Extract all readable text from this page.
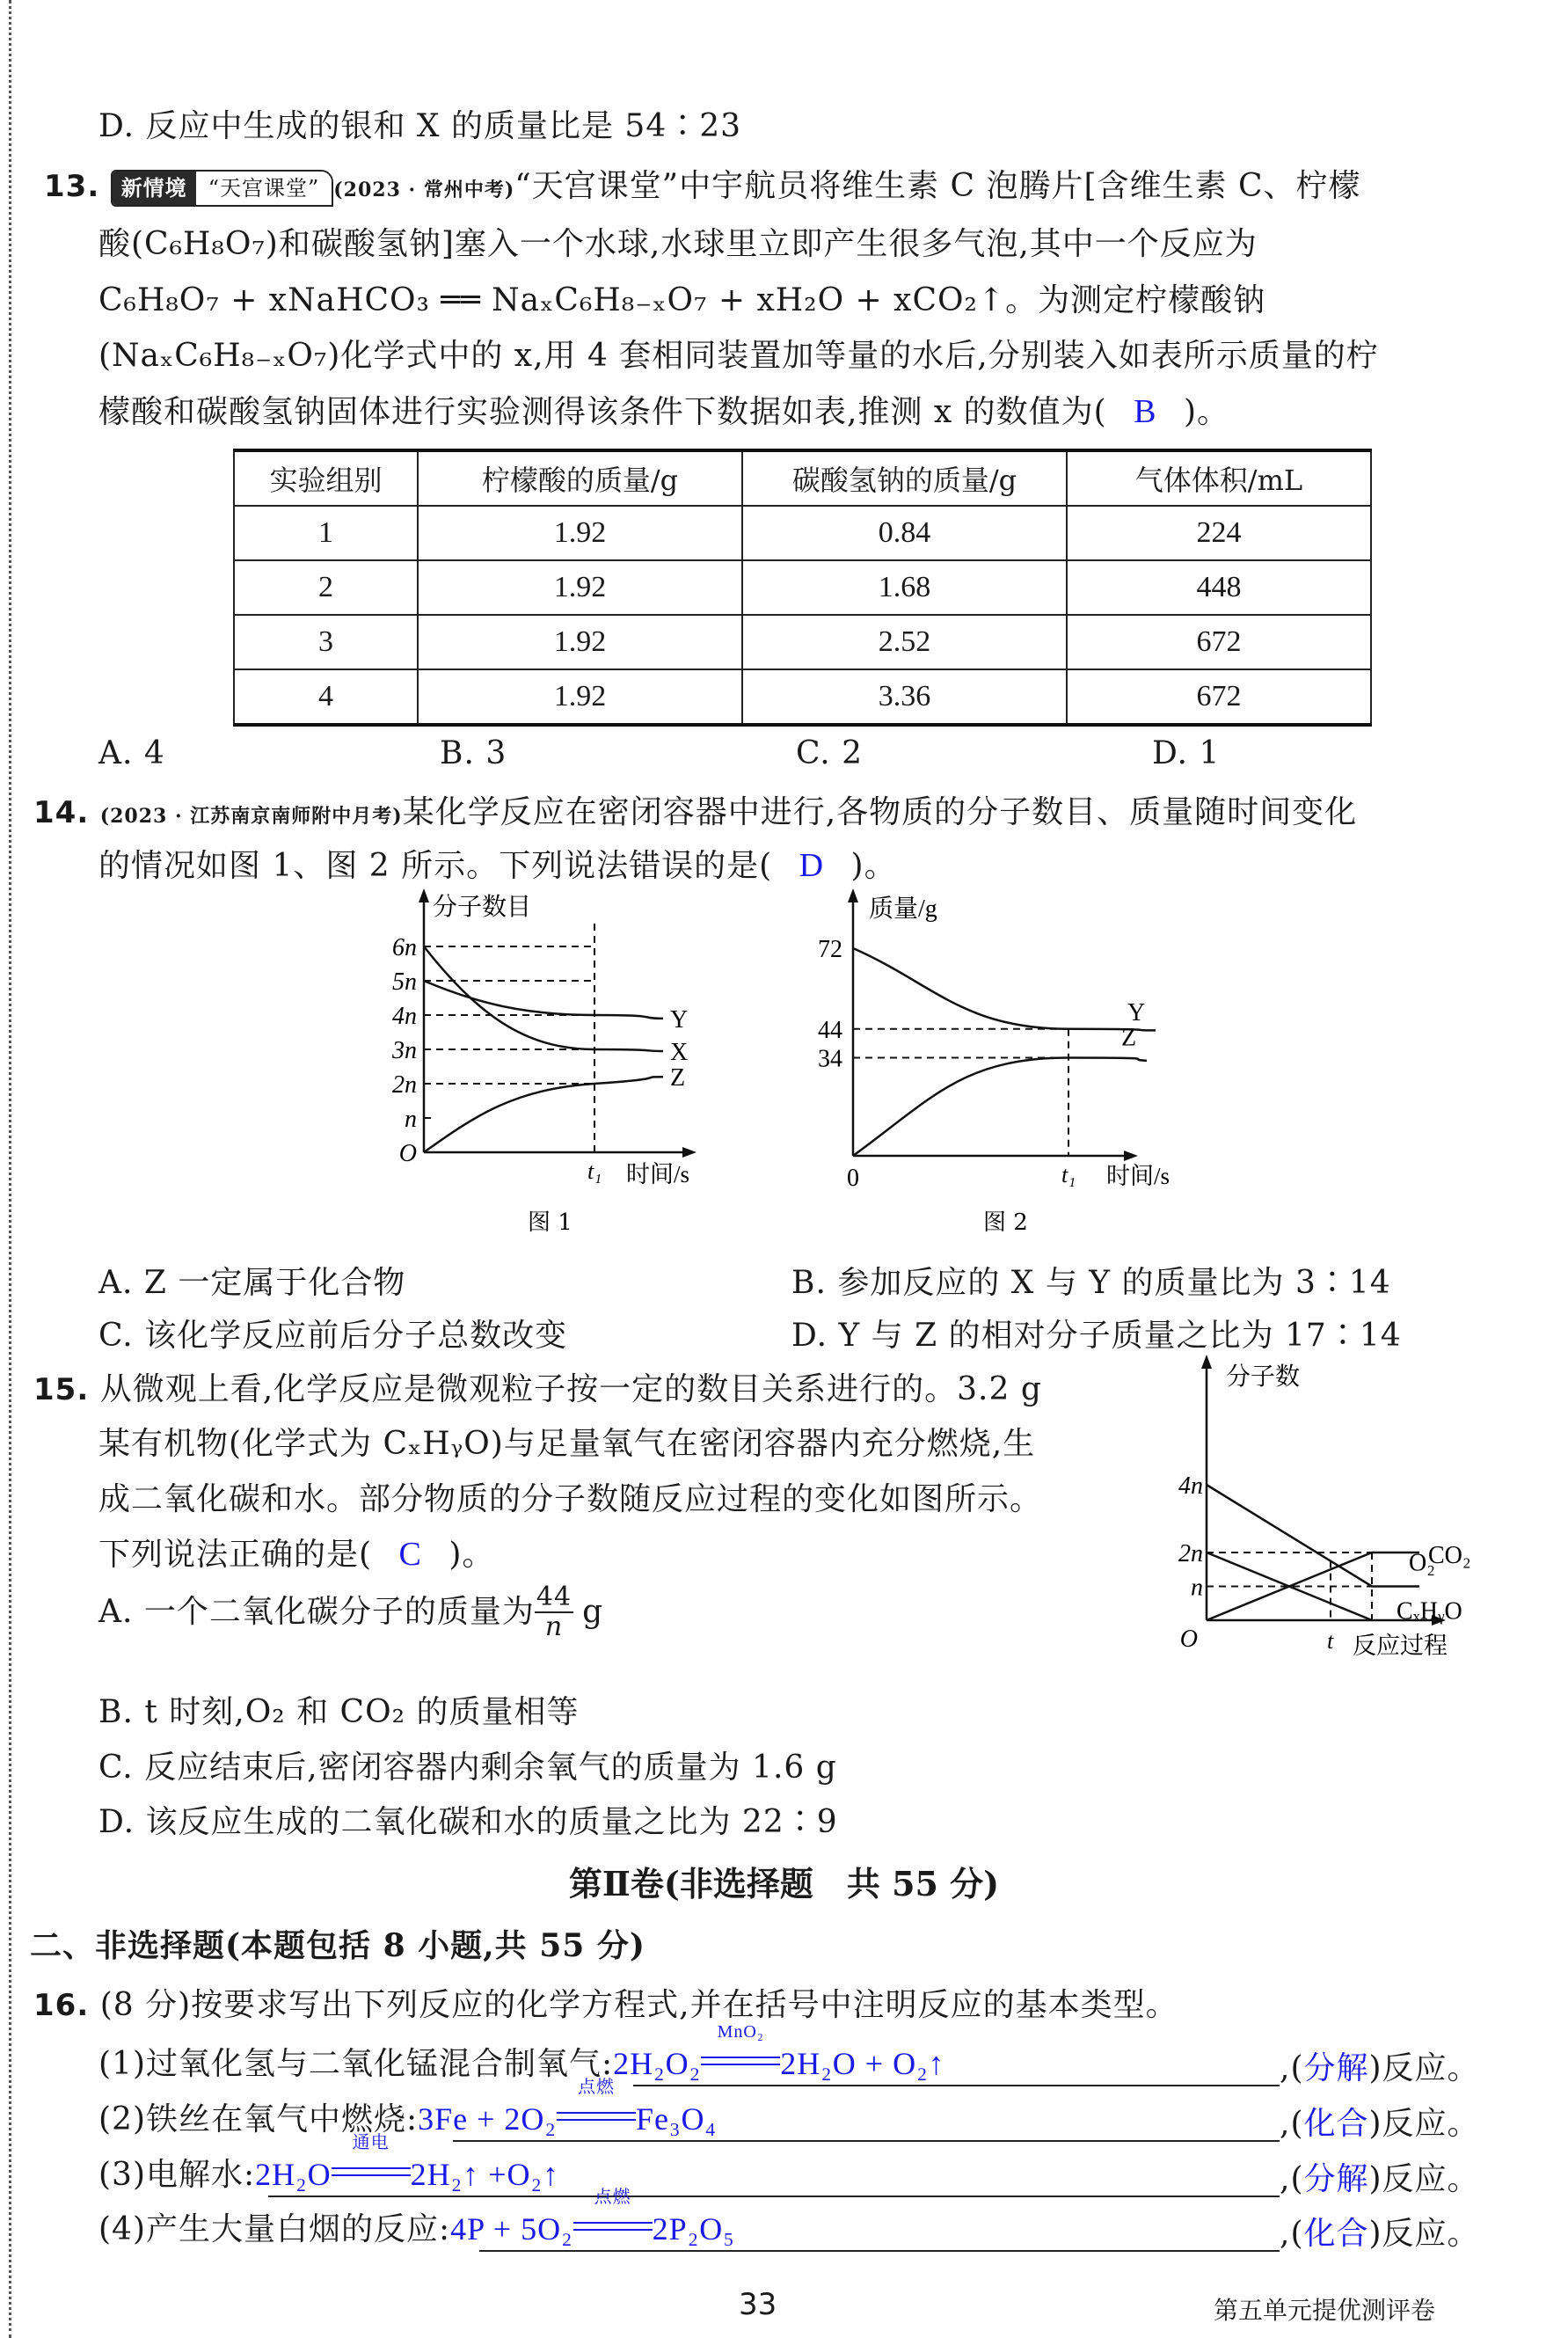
D. 反应中生成的银和 X 的质量比是 54∶23
13.	新情境	“天宫课堂” (2023 · 常州中考)“天宫课堂”中宇航员将维生素 C 泡腾片[含维生素 C、柠檬
酸(C₆H₈O₇)和碳酸氢钠]塞入一个水球,水球里立即产生很多气泡,其中一个反应为
C₆H₈O₇ + xNaHCO₃ ══ NaₓC₆H₈₋ₓO₇ + xH₂O + xCO₂↑。为测定柠檬酸钠
(NaₓC₆H₈₋ₓO₇)化学式中的 x,用 4 套相同装置加等量的水后,分别装入如表所示质量的柠
檬酸和碳酸氢钠固体进行实验测得该条件下数据如表,推测 x 的数值为( B )。
实验组别	柠檬酸的质量/g	碳酸氢钠的质量/g	气体体积/mL
1	1.92	0.84	224
2	1.92	1.68	448
3	1.92	2.52	672
4	1.92	3.36	672
A. 4	B. 3	C. 2	D. 1
14. (2023 · 江苏南京南师附中月考)某化学反应在密闭容器中进行,各物质的分子数目、质量随时间变化
的情况如图 1、图 2 所示。下列说法错误的是( D )。
分子数目
时间/s
O
n
2n
3n
4n
5n
6n
t₁
Y
X
Z
图 1
质量/g
时间/s
0
34
44
72
t₁
Y
Z
图 2
A. Z 一定属于化合物	B. 参加反应的 X 与 Y 的质量比为 3∶14
C. 该化学反应前后分子总数改变	D. Y 与 Z 的相对分子质量之比为 17∶14
15. 从微观上看,化学反应是微观粒子按一定的数目关系进行的。3.2 g
某有机物(化学式为 CₓHᵧO)与足量氧气在密闭容器内充分燃烧,生
成二氧化碳和水。部分物质的分子数随反应过程的变化如图所示。
下列说法正确的是( C )。
A. 一个二氧化碳分子的质量为 $\frac{44}{n}$ g
B. t 时刻,O₂ 和 CO₂ 的质量相等
C. 反应结束后,密闭容器内剩余氧气的质量为 1.6 g
D. 该反应生成的二氧化碳和水的质量之比为 22∶9
分子数
反应过程
O
n
2n
4n
t
CO₂
O₂
CₓHᵧO
第Ⅱ卷(非选择题　共 55 分)
二、非选择题(本题包括 8 小题,共 55 分)
16. (8 分)按要求写出下列反应的化学方程式,并在括号中注明反应的基本类型。
(1)过氧化氢与二氧化锰混合制氧气:2H₂O₂
MnO₂
2H₂O + O₂↑	,(分解)反应。
(2)铁丝在氧气中燃烧:3Fe + 2O₂
点燃
Fe₃O₄	,(化合)反应。
(3)电解水:2H₂O
通电
2H₂↑ +O₂↑	,(分解)反应。
(4)产生大量白烟的反应:4P + 5O₂
点燃
2P₂O₅	,(化合)反应。
33	第五单元提优测评卷
